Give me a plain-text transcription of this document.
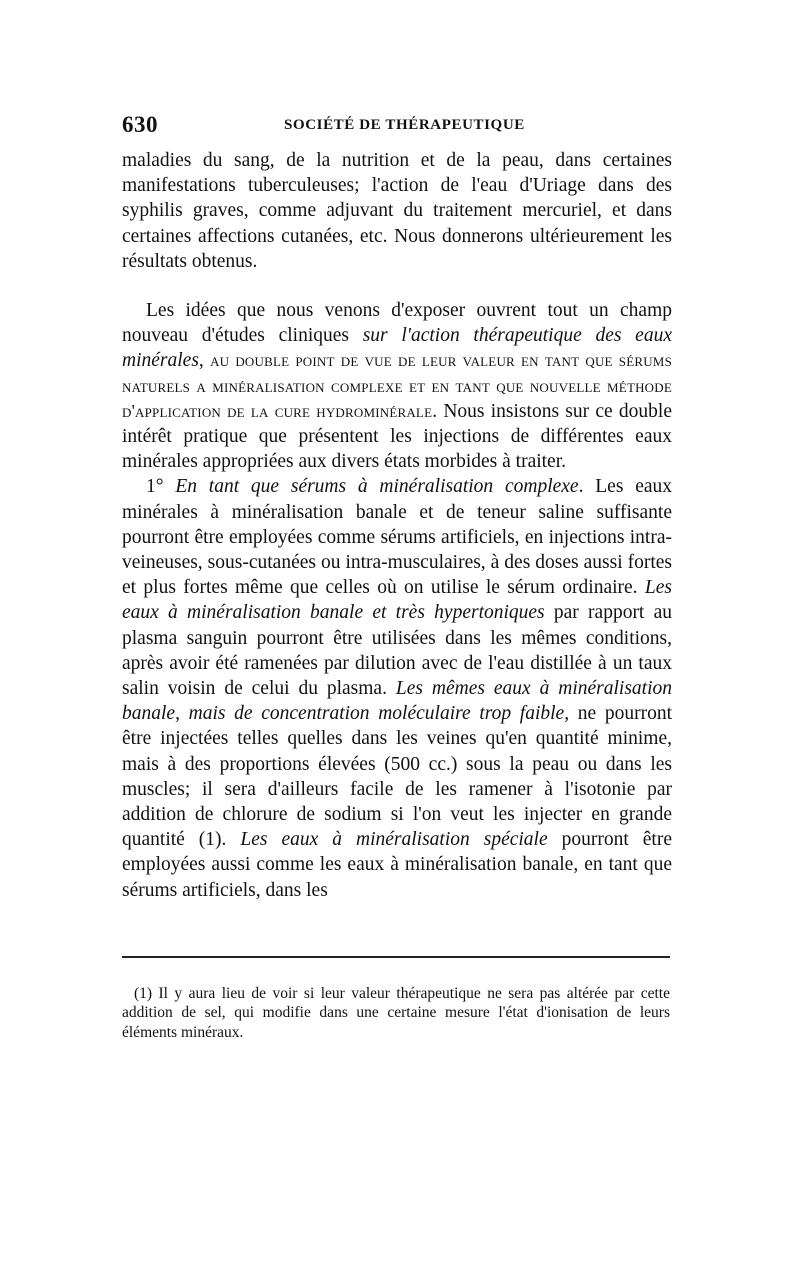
630	SOCIÉTÉ DE THÉRAPEUTIQUE

maladies du sang, de la nutrition et de la peau, dans certaines manifestations tuberculeuses; l'action de l'eau d'Uriage dans des syphilis graves, comme adjuvant du traitement mercuriel, et dans certaines affections cutanées, etc. Nous donnerons ultérieurement les résultats obtenus.

Les idées que nous venons d'exposer ouvrent tout un champ nouveau d'études cliniques sur l'action thérapeutique des eaux minérales, au double point de vue de leur valeur en tant que sérums naturels a minéralisation complexe et en tant que nouvelle méthode d'application de la cure hydrominérale. Nous insistons sur ce double intérêt pratique que présentent les injections de différentes eaux minérales appropriées aux divers états morbides à traiter.

1° En tant que sérums à minéralisation complexe. Les eaux minérales à minéralisation banale et de teneur saline suffisante pourront être employées comme sérums artificiels, en injections intra-veineuses, sous-cutanées ou intra-musculaires, à des doses aussi fortes et plus fortes même que celles où on utilise le sérum ordinaire. Les eaux à minéralisation banale et très hypertoniques par rapport au plasma sanguin pourront être utilisées dans les mêmes conditions, après avoir été ramenées par dilution avec de l'eau distillée à un taux salin voisin de celui du plasma. Les mêmes eaux à minéralisation banale, mais de concentration moléculaire trop faible, ne pourront être injectées telles quelles dans les veines qu'en quantité minime, mais à des proportions élevées (500 cc.) sous la peau ou dans les muscles; il sera d'ailleurs facile de les ramener à l'isotonie par addition de chlorure de sodium si l'on veut les injecter en grande quantité (1). Les eaux à minéralisation spéciale pourront être employées aussi comme les eaux à minéralisation banale, en tant que sérums artificiels, dans les

(1) Il y aura lieu de voir si leur valeur thérapeutique ne sera pas altérée par cette addition de sel, qui modifie dans une certaine mesure l'état d'ionisation de leurs éléments minéraux.
